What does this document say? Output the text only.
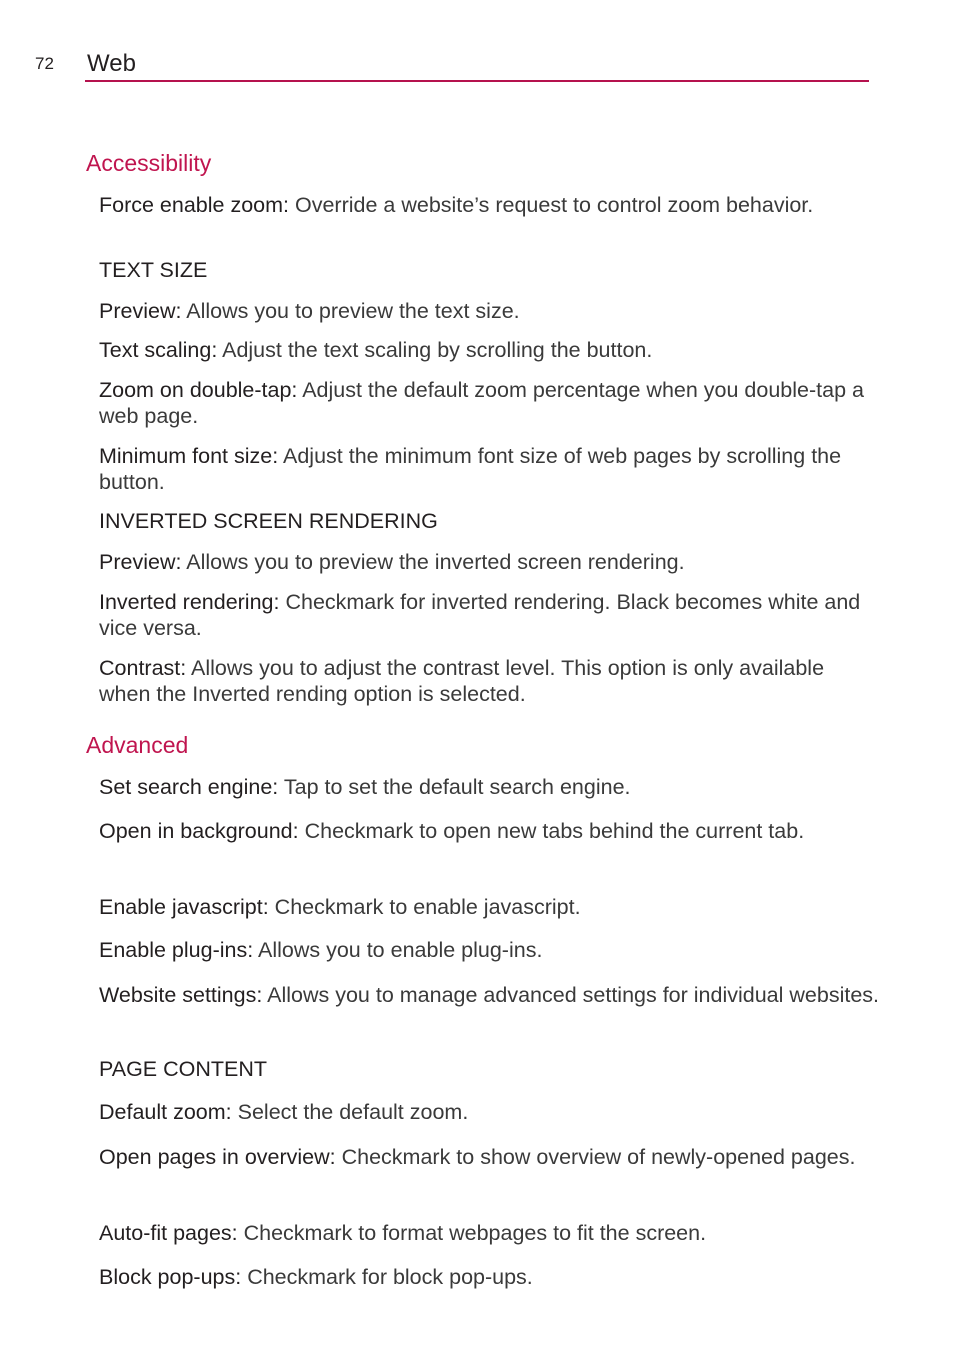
72 Web
Accessibility

Force enable zoom: Override a website’s request to control zoom behavior.

TEXT SIZE

Preview: Allows you to preview the text size.

Text scaling: Adjust the text scaling by scrolling the button.

Zoom on double-tap: Adjust the default zoom percentage when you double-tap a web page.

Minimum font size: Adjust the minimum font size of web pages by scrolling the button.

INVERTED SCREEN RENDERING

Preview: Allows you to preview the inverted screen rendering.

Inverted rendering: Checkmark for inverted rendering. Black becomes white and vice versa.

Contrast: Allows you to adjust the contrast level. This option is only available when the Inverted rending option is selected.

Advanced

Set search engine: Tap to set the default search engine.

Open in background: Checkmark to open new tabs behind the current tab.

Enable javascript: Checkmark to enable javascript.

Enable plug-ins: Allows you to enable plug-ins.

Website settings: Allows you to manage advanced settings for individual websites.

PAGE CONTENT

Default zoom: Select the default zoom.

Open pages in overview: Checkmark to show overview of newly-opened pages.

Auto-fit pages: Checkmark to format webpages to fit the screen.

Block pop-ups: Checkmark for block pop-ups.
